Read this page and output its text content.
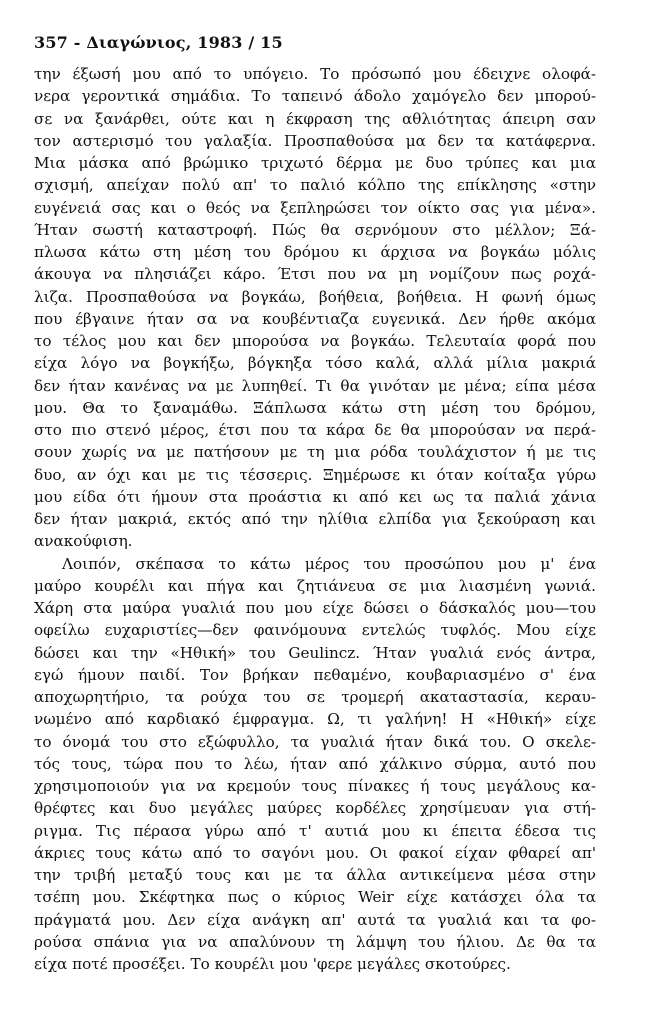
357 - Διαγώνιος, 1983 / 15
την έξωσή μου από το υπόγειο. Το πρόσωπό μου έδειχνε ολοφά-
νερα γεροντικά σημάδια. Το ταπεινό άδολο χαμόγελο δεν μπορού-
σε να ξανάρθει, ούτε και η έκφραση της αθλιότητας άπειρη σαν
τον αστερισμό του γαλαξία. Προσπαθούσα μα δεν τα κατάφερνα.
Μια μάσκα από βρώμικο τριχωτό δέρμα με δυο τρύπες και μια
σχισμή, απείχαν πολύ απ' το παλιό κόλπο της επίκλησης «στην
ευγένειά σας και ο θεός να ξεπληρώσει τον οίκτο σας για μένα».
Ήταν σωστή καταστροφή. Πώς θα σερνόμουν στο μέλλον; Ξά-
πλωσα κάτω στη μέση του δρόμου κι άρχισα να βογκάω μόλις
άκουγα να πλησιάζει κάρο. Έτσι που να μη νομίζουν πως ροχά-
λιζα. Προσπαθούσα να βογκάω, βοήθεια, βοήθεια. Η φωνή όμως
που έβγαινε ήταν σα να κουβέντιαζα ευγενικά. Δεν ήρθε ακόμα
το τέλος μου και δεν μπορούσα να βογκάω. Τελευταία φορά που
είχα λόγο να βογκήξω, βόγκηξα τόσο καλά, αλλά μίλια μακριά
δεν ήταν κανένας να με λυπηθεί. Τι θα γινόταν με μένα; είπα μέσα
μου. Θα το ξαναμάθω. Ξάπλωσα κάτω στη μέση του δρόμου,
στο πιο στενό μέρος, έτσι που τα κάρα δε θα μπορούσαν να περά-
σουν χωρίς να με πατήσουν με τη μια ρόδα τουλάχιστον ή με τις
δυο, αν όχι και με τις τέσσερις. Ξημέρωσε κι όταν κοίταξα γύρω
μου είδα ότι ήμουν στα προάστια κι από κει ως τα παλιά χάνια
δεν ήταν μακριά, εκτός από την ηλίθια ελπίδα για ξεκούραση και
ανακούφιση.
Λοιπόν, σκέπασα το κάτω μέρος του προσώπου μου μ' ένα
μαύρο κουρέλι και πήγα και ζητιάνευα σε μια λιασμένη γωνιά.
Χάρη στα μαύρα γυαλιά που μου είχε δώσει ο δάσκαλός μου—του
οφείλω ευχαριστίες—δεν φαινόμουνα εντελώς τυφλός. Μου είχε
δώσει και την «Ηθική» του Geulincz. Ήταν γυαλιά ενός άντρα,
εγώ ήμουν παιδί. Τον βρήκαν πεθαμένο, κουβαριασμένο σ' ένα
αποχωρητήριο, τα ρούχα του σε τρομερή ακαταστασία, κεραυ-
νωμένο από καρδιακό έμφραγμα. Ω, τι γαλήνη! Η «Ηθική» είχε
το όνομά του στο εξώφυλλο, τα γυαλιά ήταν δικά του. Ο σκελε-
τός τους, τώρα που το λέω, ήταν από χάλκινο σύρμα, αυτό που
χρησιμοποιούν για να κρεμούν τους πίνακες ή τους μεγάλους κα-
θρέφτες και δυο μεγάλες μαύρες κορδέλες χρησίμευαν για στή-
ριγμα. Τις πέρασα γύρω από τ' αυτιά μου κι έπειτα έδεσα τις
άκριες τους κάτω από το σαγόνι μου. Οι φακοί είχαν φθαρεί απ'
την τριβή μεταξύ τους και με τα άλλα αντικείμενα μέσα στην
τσέπη μου. Σκέφτηκα πως ο κύριος Weir είχε κατάσχει όλα τα
πράγματά μου. Δεν είχα ανάγκη απ' αυτά τα γυαλιά και τα φο-
ρούσα σπάνια για να απαλύνουν τη λάμψη του ήλιου. Δε θα τα
είχα ποτέ προσέξει. Το κουρέλι μου 'φερε μεγάλες σκοτούρες.
